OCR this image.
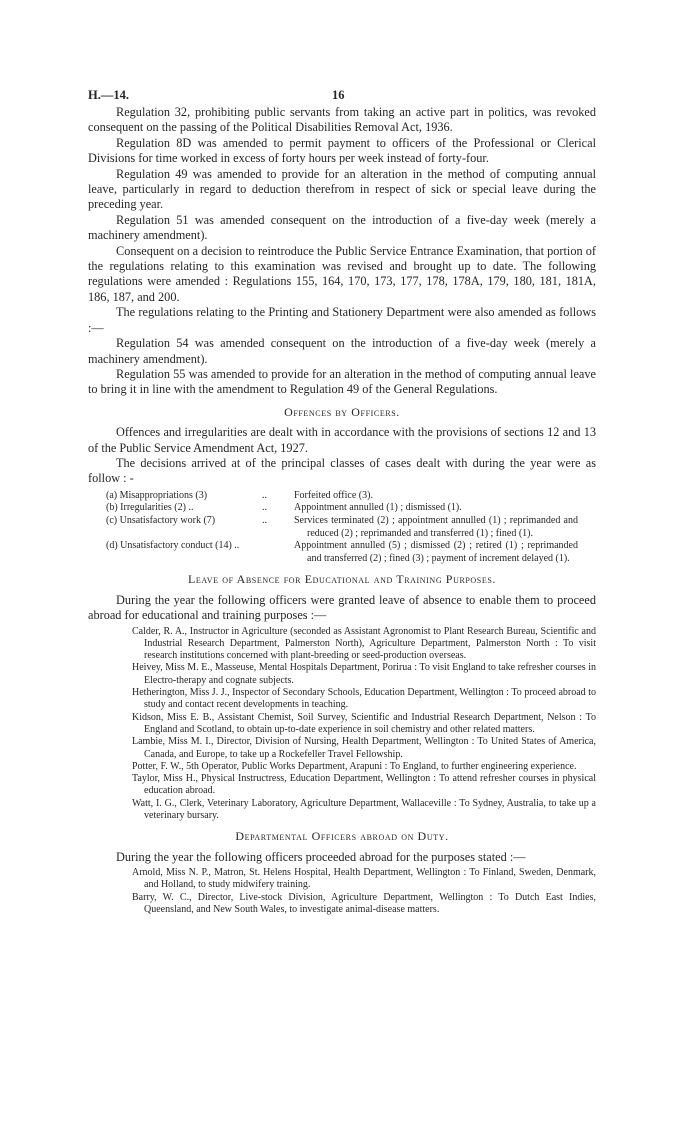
H.—14.	16

Regulation 32, prohibiting public servants from taking an active part in politics, was revoked consequent on the passing of the Political Disabilities Removal Act, 1936.

Regulation 8D was amended to permit payment to officers of the Professional or Clerical Divisions for time worked in excess of forty hours per week instead of forty-four.

Regulation 49 was amended to provide for an alteration in the method of computing annual leave, particularly in regard to deduction therefrom in respect of sick or special leave during the preceding year.

Regulation 51 was amended consequent on the introduction of a five-day week (merely a machinery amendment).

Consequent on a decision to reintroduce the Public Service Entrance Examination, that portion of the regulations relating to this examination was revised and brought up to date. The following regulations were amended : Regulations 155, 164, 170, 173, 177, 178, 178A, 179, 180, 181, 181A, 186, 187, and 200.

The regulations relating to the Printing and Stationery Department were also amended as follows :—

Regulation 54 was amended consequent on the introduction of a five-day week (merely a machinery amendment).

Regulation 55 was amended to provide for an alteration in the method of computing annual leave to bring it in line with the amendment to Regulation 49 of the General Regulations.

Offences by Officers.

Offences and irregularities are dealt with in accordance with the provisions of sections 12 and 13 of the Public Service Amendment Act, 1927.

The decisions arrived at of the principal classes of cases dealt with during the year were as follow : -

(a) Misappropriations (3)	..	Forfeited office (3).
(b) Irregularities (2) ..	..	Appointment annulled (1) ; dismissed (1).
(c) Unsatisfactory work (7)	..	Services terminated (2) ; appointment annulled (1) ; reprimanded and reduced (2) ; reprimanded and transferred (1) ; fined (1).
(d) Unsatisfactory conduct (14) ..	Appointment annulled (5) ; dismissed (2) ; retired (1) ; reprimanded and transferred (2) ; fined (3) ; payment of increment delayed (1).
Leave of Absence for Educational and Training Purposes.

During the year the following officers were granted leave of absence to enable them to proceed abroad for educational and training purposes :—

Calder, R. A., Instructor in Agriculture (seconded as Assistant Agronomist to Plant Research Bureau, Scientific and Industrial Research Department, Palmerston North), Agriculture Department, Palmerston North : To visit research institutions concerned with plant-breeding or seed-production overseas.

Heivey, Miss M. E., Masseuse, Mental Hospitals Department, Porirua : To visit England to take refresher courses in Electro-therapy and cognate subjects.

Hetherington, Miss J. J., Inspector of Secondary Schools, Education Department, Wellington : To proceed abroad to study and contact recent developments in teaching.

Kidson, Miss E. B., Assistant Chemist, Soil Survey, Scientific and Industrial Research Department, Nelson : To England and Scotland, to obtain up-to-date experience in soil chemistry and other related matters.

Lambie, Miss M. I., Director, Division of Nursing, Health Department, Wellington : To United States of America, Canada, and Europe, to take up a Rockefeller Travel Fellowship.

Potter, F. W., 5th Operator, Public Works Department, Arapuni : To England, to further engineering experience.

Taylor, Miss H., Physical Instructress, Education Department, Wellington : To attend refresher courses in physical education abroad.

Watt, I. G., Clerk, Veterinary Laboratory, Agriculture Department, Wallaceville : To Sydney, Australia, to take up a veterinary bursary.

Departmental Officers abroad on Duty.

During the year the following officers proceeded abroad for the purposes stated :—

Arnold, Miss N. P., Matron, St. Helens Hospital, Health Department, Wellington : To Finland, Sweden, Denmark, and Holland, to study midwifery training.

Barry, W. C., Director, Live-stock Division, Agriculture Department, Wellington : To Dutch East Indies, Queensland, and New South Wales, to investigate animal-disease matters.
